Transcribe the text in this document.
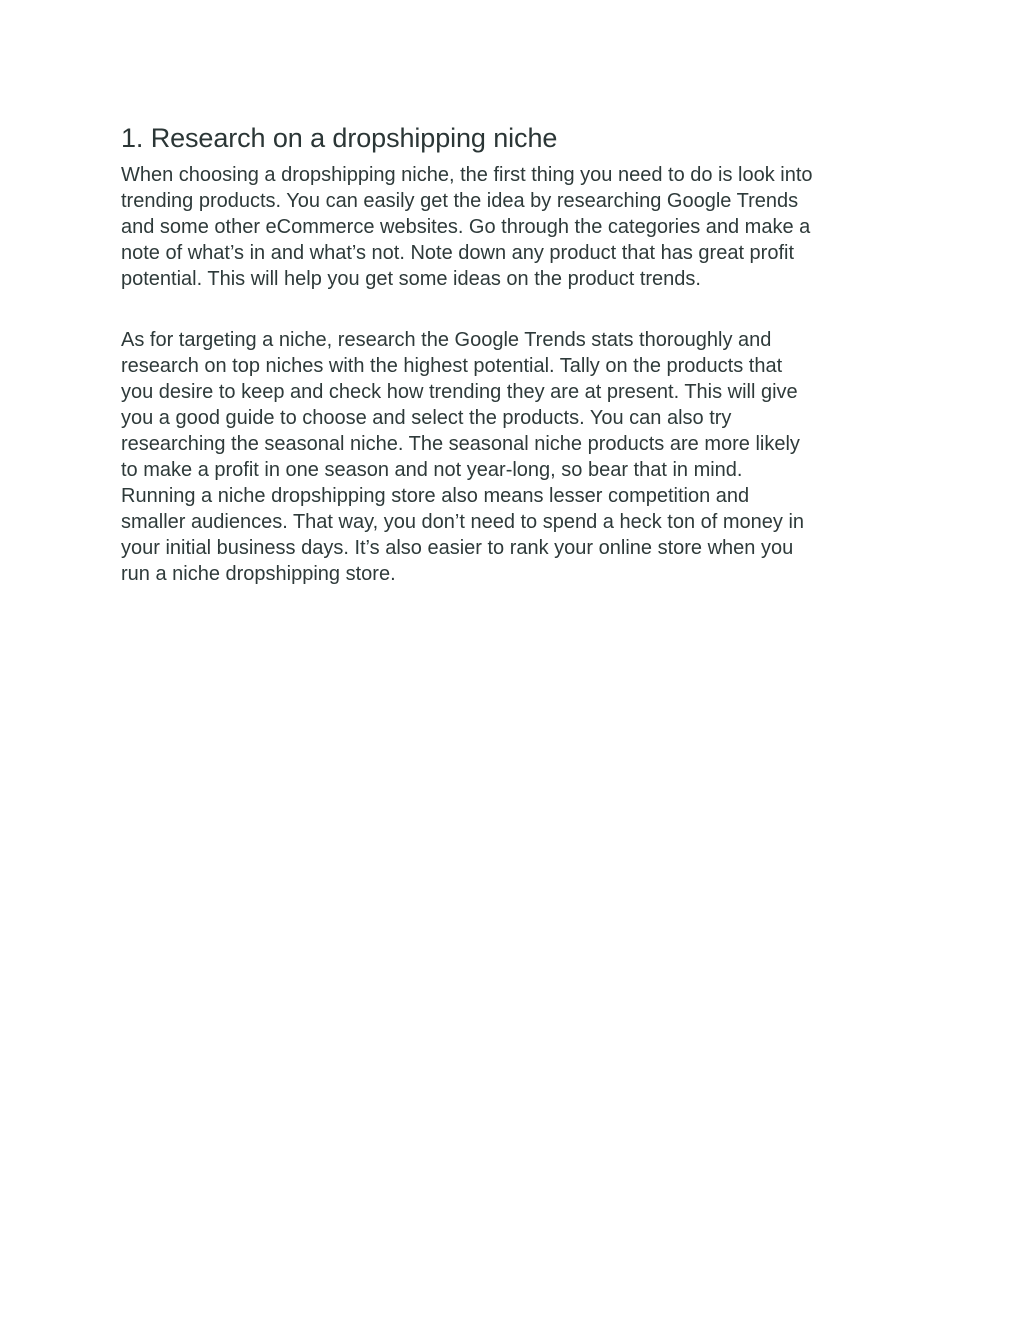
1. Research on a dropshipping niche

When choosing a dropshipping niche, the first thing you need to do is look into
trending products. You can easily get the idea by researching Google Trends
and some other eCommerce websites. Go through the categories and make a
note of what’s in and what’s not. Note down any product that has great profit
potential. This will help you get some ideas on the product trends.

As for targeting a niche, research the Google Trends stats thoroughly and
research on top niches with the highest potential. Tally on the products that
you desire to keep and check how trending they are at present. This will give
you a good guide to choose and select the products. You can also try
researching the seasonal niche. The seasonal niche products are more likely
to make a profit in one season and not year-long, so bear that in mind.
Running a niche dropshipping store also means lesser competition and
smaller audiences. That way, you don’t need to spend a heck ton of money in
your initial business days. It’s also easier to rank your online store when you
run a niche dropshipping store.
